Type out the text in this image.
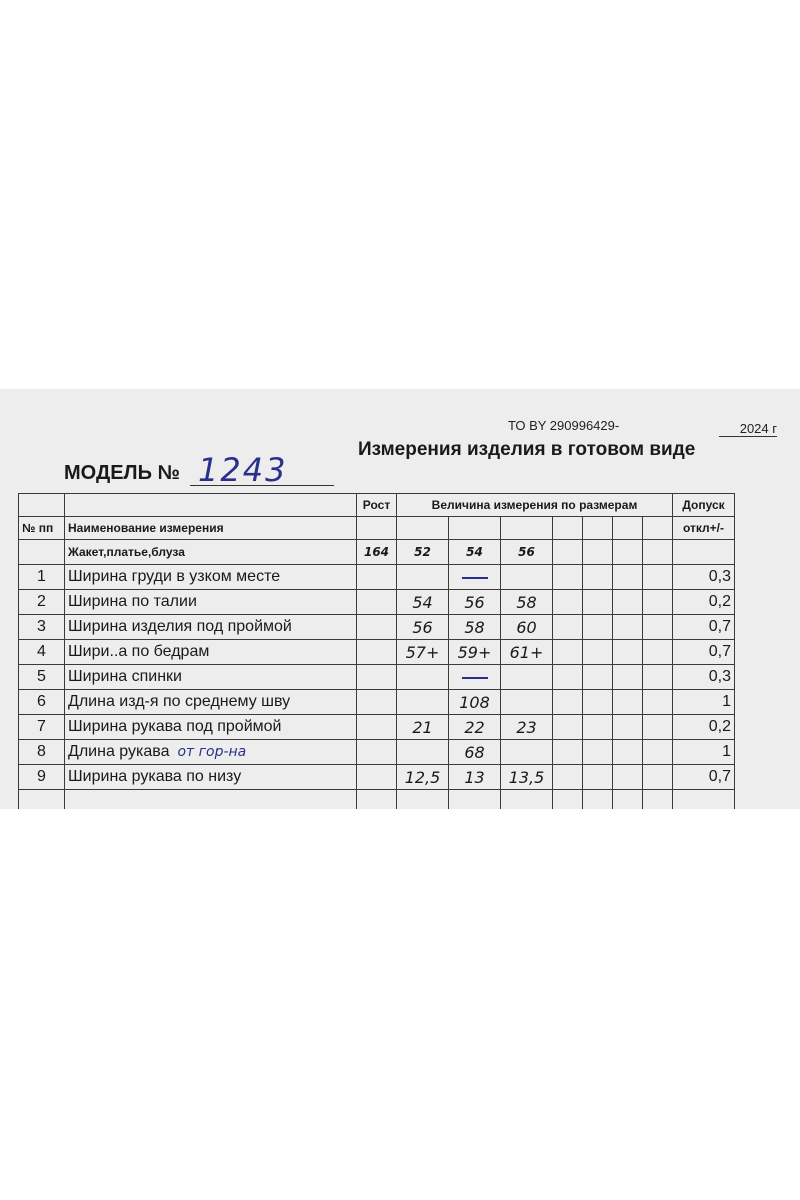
ТО BY 290996429-	2024 г
Измерения изделия в готовом виде
МОДЕЛЬ № 1243
		Рост	Величина измерения по размерам							Допуск
№ пп	Наименование измерения									откл+/-
	Жакет,платье,блуза	164	52	54	56					
1	Ширина груди в узком месте									0,3
2	Ширина по талии		54	56	58					0,2
3	Ширина изделия под проймой		56	58	60					0,7
4	Шири..а по бедрам		57+	59+	61+					0,7
5	Ширина спинки									0,3
6	Длина изд-я по среднему шву			108						1
7	Ширина рукава под проймой		21	22	23					0,2
8	Длина рукава от гор-на			68						1
9	Ширина рукава по низу		12,5	13	13,5					0,7
